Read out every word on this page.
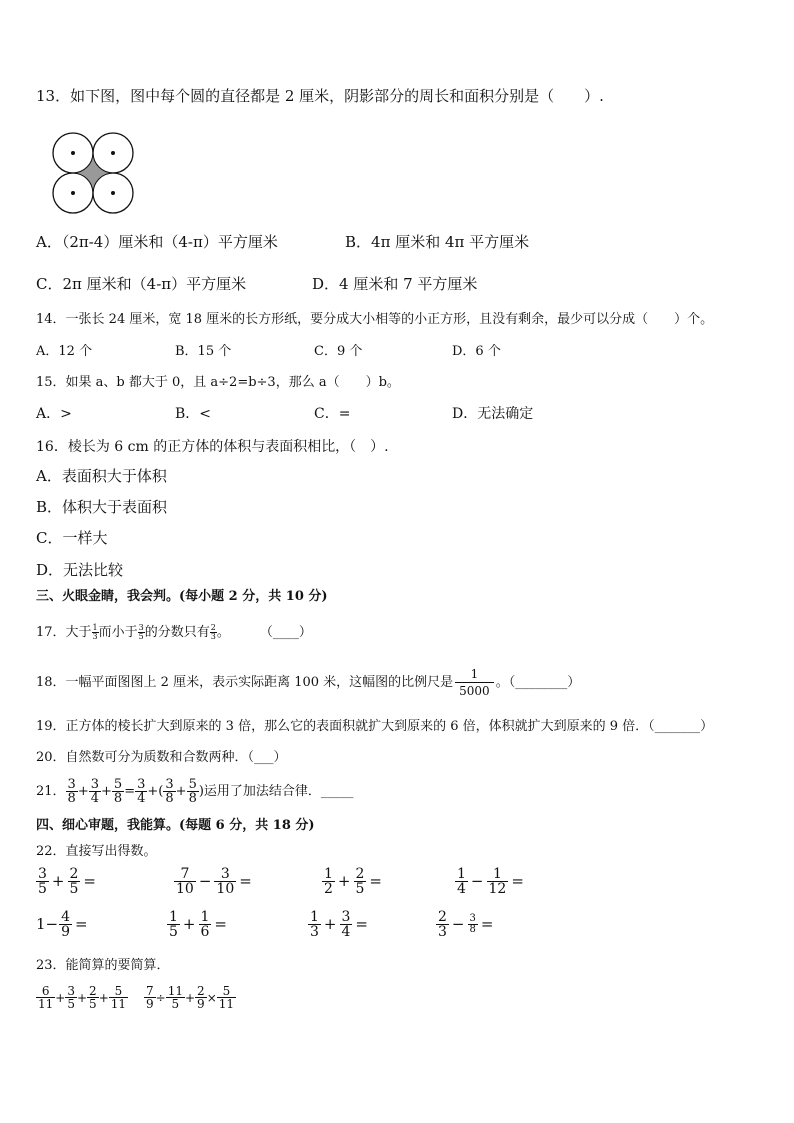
13．如下图，图中每个圆的直径都是 2 厘米，阴影部分的周长和面积分别是（　　）.
A．（2π-4）厘米和（4-π）平方厘米	B．4π 厘米和 4π 平方厘米
C．2π 厘米和（4-π）平方厘米	D．4 厘米和 7 平方厘米
14．一张长 24 厘米，宽 18 厘米的长方形纸，要分成大小相等的小正方形，且没有剩余，最少可以分成（　　）个。
A．12 个	B．15 个	C．9 个	D．6 个
15．如果 a、b 都大于 0，且 a÷2=b÷3，那么 a（　　）b。
A．>	B．<	C．=	D．无法确定
16．棱长为 6 cm 的正方体的体积与表面积相比，（　）.
A．表面积大于体积
B．体积大于表面积
C．一样大
D．无法比较
三、火眼金睛，我会判。(每小题 2 分，共 10 分)
17．大于 $\frac{1}{3}$ 而小于 $\frac{3}{5}$ 的分数只有 $\frac{2}{3}$ 。 （____）
18．一幅平面图图上 2 厘米，表示实际距离 100 米，这幅图的比例尺是 $\frac{1}{5000}$ 。（________）
19．正方体的棱长扩大到原来的 3 倍，那么它的表面积就扩大到原来的 6 倍，体积就扩大到原来的 9 倍．（_______）
20．自然数可分为质数和合数两种．（___）
21． $\frac{3}{8} + \frac{3}{4} + \frac{5}{8} = \frac{3}{4}$ +( $\frac{3}{8} + \frac{5}{8}$ )运用了加法结合律．_____
四、细心审题，我能算。(每题 6 分，共 18 分)
22．直接写出得数。
$\frac{3}{5} + \frac{2}{5}$ =	$\frac{7}{10} - \frac{3}{10}$ =	$\frac{1}{2} + \frac{2}{5}$ =	$\frac{1}{4} - \frac{1}{12}$ =
$1- \frac{4}{9}$ =	$\frac{1}{5} + \frac{1}{6}$ =	$\frac{1}{3} + \frac{3}{4}$ =	$\frac{2}{3} - \frac{3}{8}$ =
23．能简算的要简算．
$\frac{6}{11} + \frac{3}{5} + \frac{2}{5} + \frac{5}{11} \frac{7}{9} \div \frac{11}{5} + \frac{2}{9} \times \frac{5}{11}$
